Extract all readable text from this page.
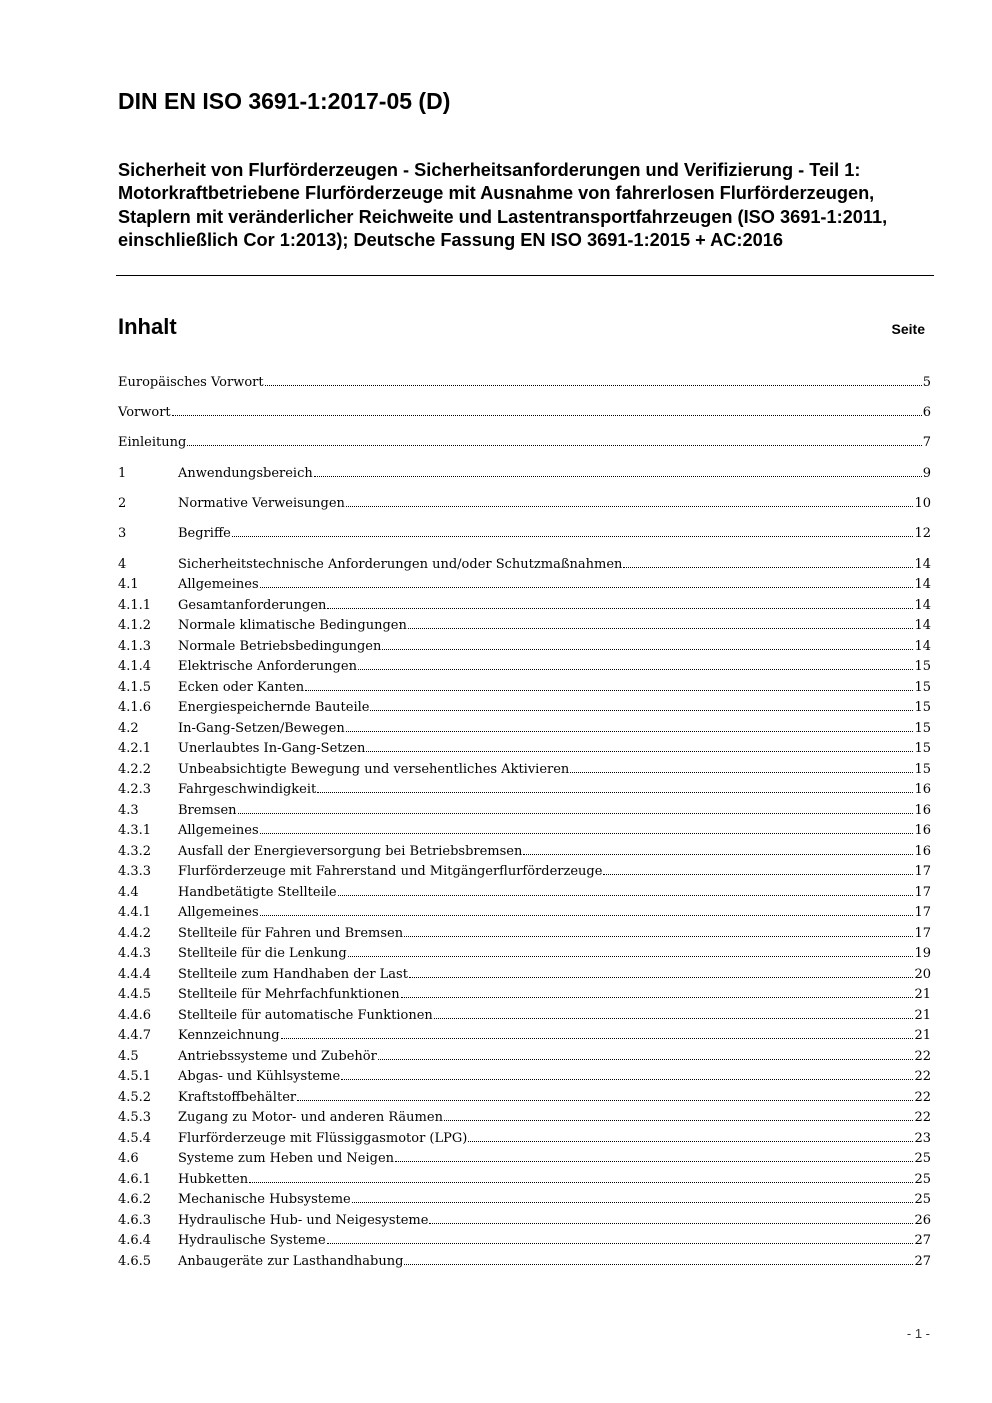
DIN EN ISO 3691-1:2017-05 (D)

Sicherheit von Flurförderzeugen - Sicherheitsanforderungen und Verifizierung - Teil 1: Motorkraftbetriebene Flurförderzeuge mit Ausnahme von fahrerlosen Flurförderzeugen, Staplern mit veränderlicher Reichweite und Lastentransportfahrzeugen (ISO 3691-1:2011, einschließlich Cor 1:2013); Deutsche Fassung EN ISO 3691-1:2015 + AC:2016

Inhalt	Seite
Europäisches Vorwort	5
Vorwort	6
Einleitung	7
1	Anwendungsbereich	9
2	Normative Verweisungen	10
3	Begriffe	12
4	Sicherheitstechnische Anforderungen und/oder Schutzmaßnahmen	14
4.1	Allgemeines	14
4.1.1	Gesamtanforderungen	14
4.1.2	Normale klimatische Bedingungen	14
4.1.3	Normale Betriebsbedingungen	14
4.1.4	Elektrische Anforderungen	15
4.1.5	Ecken oder Kanten	15
4.1.6	Energiespeichernde Bauteile	15
4.2	In-Gang-Setzen/Bewegen	15
4.2.1	Unerlaubtes In-Gang-Setzen	15
4.2.2	Unbeabsichtigte Bewegung und versehentliches Aktivieren	15
4.2.3	Fahrgeschwindigkeit	16
4.3	Bremsen	16
4.3.1	Allgemeines	16
4.3.2	Ausfall der Energieversorgung bei Betriebsbremsen	16
4.3.3	Flurförderzeuge mit Fahrerstand und Mitgängerflurförderzeuge	17
4.4	Handbetätigte Stellteile	17
4.4.1	Allgemeines	17
4.4.2	Stellteile für Fahren und Bremsen	17
4.4.3	Stellteile für die Lenkung	19
4.4.4	Stellteile zum Handhaben der Last	20
4.4.5	Stellteile für Mehrfachfunktionen	21
4.4.6	Stellteile für automatische Funktionen	21
4.4.7	Kennzeichnung	21
4.5	Antriebssysteme und Zubehör	22
4.5.1	Abgas- und Kühlsysteme	22
4.5.2	Kraftstoffbehälter	22
4.5.3	Zugang zu Motor- und anderen Räumen	22
4.5.4	Flurförderzeuge mit Flüssiggasmotor (LPG)	23
4.6	Systeme zum Heben und Neigen	25
4.6.1	Hubketten	25
4.6.2	Mechanische Hubsysteme	25
4.6.3	Hydraulische Hub- und Neigesysteme	26
4.6.4	Hydraulische Systeme	27
4.6.5	Anbaugeräte zur Lasthandhabung	27
- 1 -
